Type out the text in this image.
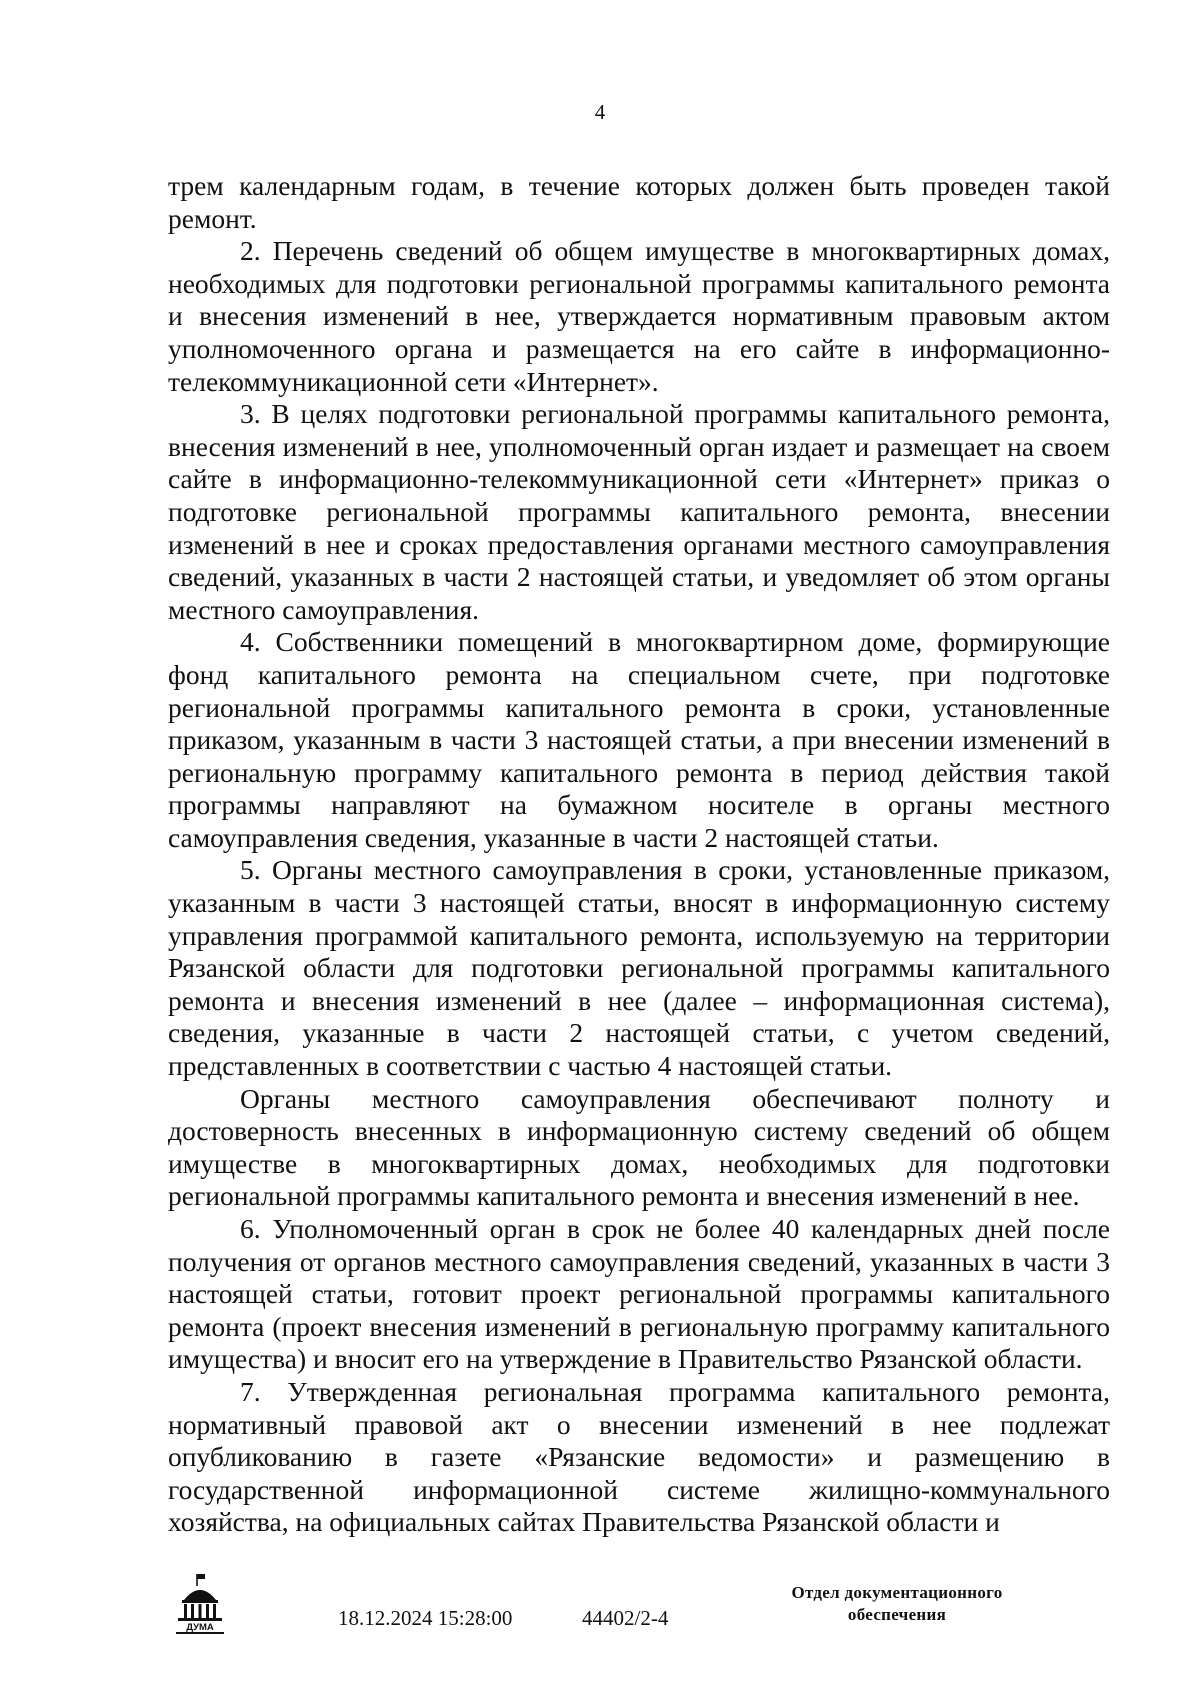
4

трем календарным годам, в течение которых должен быть проведен такой ремонт.

2. Перечень сведений об общем имуществе в многоквартирных домах, необходимых для подготовки региональной программы капитального ремонта и внесения изменений в нее, утверждается нормативным правовым актом уполномоченного органа и размещается на его сайте в информационно-телекоммуникационной сети «Интернет».

3. В целях подготовки региональной программы капитального ремонта, внесения изменений в нее, уполномоченный орган издает и размещает на своем сайте в информационно-телекоммуникационной сети «Интернет» приказ о подготовке региональной программы капитального ремонта, внесении изменений в нее и сроках предоставления органами местного самоуправления сведений, указанных в части 2 настоящей статьи, и уведомляет об этом органы местного самоуправления.

4. Собственники помещений в многоквартирном доме, формирующие фонд капитального ремонта на специальном счете, при подготовке региональной программы капитального ремонта в сроки, установленные приказом, указанным в части 3 настоящей статьи, а при внесении изменений в региональную программу капитального ремонта в период действия такой программы направляют на бумажном носителе в органы местного самоуправления сведения, указанные в части 2 настоящей статьи.

5. Органы местного самоуправления в сроки, установленные приказом, указанным в части 3 настоящей статьи, вносят в информационную систему управления программой капитального ремонта, используемую на территории Рязанской области для подготовки региональной программы капитального ремонта и внесения изменений в нее (далее – информационная система), сведения, указанные в части 2 настоящей статьи, с учетом сведений, представленных в соответствии с частью 4 настоящей статьи.

Органы местного самоуправления обеспечивают полноту и достоверность внесенных в информационную систему сведений об общем имуществе в многоквартирных домах, необходимых для подготовки региональной программы капитального ремонта и внесения изменений в нее.

6. Уполномоченный орган в срок не более 40 календарных дней после получения от органов местного самоуправления сведений, указанных в части 3 настоящей статьи, готовит проект региональной программы капитального ремонта (проект внесения изменений в региональную программу капитального имущества) и вносит его на утверждение в Правительство Рязанской области.

7. Утвержденная региональная программа капитального ремонта, нормативный правовой акт о внесении изменений в нее подлежат опубликованию в газете «Рязанские ведомости» и размещению в государственной информационной системе жилищно-коммунального хозяйства, на официальных сайтах Правительства Рязанской области и

ДУМА	18.12.2024 15:28:00	44402/2-4
Отдел документационного
обеспечения
